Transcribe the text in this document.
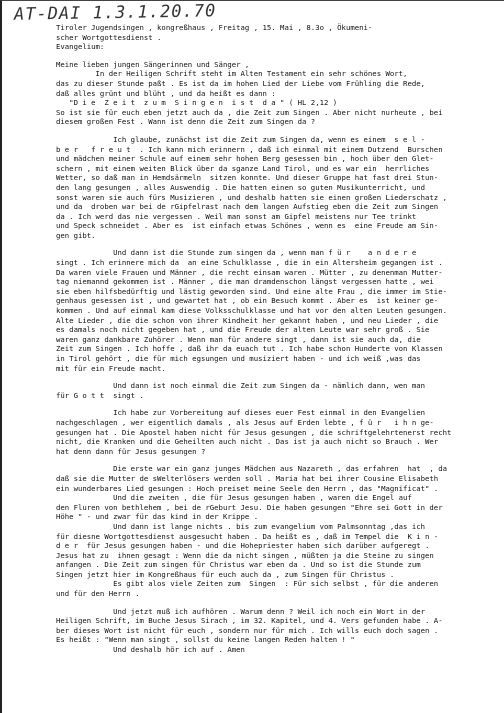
AT-DAI 1.3.1.20.70
Tiroler Jugendsingen , kongreßhaus , Freitag , 15. Mai , 8.3o , Ökumeni-
scher Wortgottesdienst .
Evangelium:
Meine lieben jungen Sängerinnen und Sänger ,
In der Heiligen Schrift steht im Alten Testament ein sehr schönes Wort,
das zu dieser Stunde paßt . Es ist da im hohen Lied der Liebe vom Frühling die Rede,
daß alles grünt und blüht , und da heißt es dann :
"D i e  Z e i t  z u m  S i n g e n  i s t  d a " ( HL 2,12 )
So ist sie für euch eben jetzt auch da , die Zeit zum Singen . Aber nicht nurheute , bei
diesem großen Fest . Wann ist denn die Zeit zum Singen da ?
Ich glaube, zunächst ist die Zeit zum Singen da, wenn es einem  s e l -
b e r   f r e u t  . Ich kann mich erinnern , daß ich einmal mit einem Dutzend  Burschen
und mädchen meiner Schule auf einem sehr hohen Berg gesessen bin , hoch über den Glet-
schern , mit einem weiten Blick über da sganze Land Tirol, und es war ein  herrliches
Wetter, so daß man in Hemdsärmeln  sitzen konnte. Und dieser Gruppe hat fast drei Stun-
den lang gesungen , alles Auswendig . Die hatten einen so guten Musikunterricht, und
sonst waren sie auch fürs Musizieren , und deshalb hatten sie einen großen Liederschatz ,
und da  droben war bei de rGipfelrast nach dem langen Aufstieg eben die Zeit zum Singen
da . Ich werd das nie vergessen . Weil man sonst am Gipfel meistens nur Tee trinkt
und Speck schneidet . Aber es  ist einfach etwas Schönes , wenn es  eine Freude am Sin-
gen gibt.
Und dann ist die Stunde zum singen da , wenn man f ü r    a n d e r e
singt . Ich erinnere mich da  an eine Schulklasse , die in ein Altersheim gegangen ist .
Da waren viele Frauen und Männer , die recht einsam waren . Mütter , zu denenman Mutter-
tag niemannd gekommen ist . Männer , die man dramdenschon längst vergessen hatte , wei
sie eben hilfsbedürftig und lästig geworden sind. Und eine alte Frau , die immer im Stie-
genhaus gesessen ist , und gewartet hat , ob ein Besuch kommt . Aber es  ist keiner ge-
kommen . Und auf einmal kam diese Volksschulklasse und hat vor den alten Leuten gesungen.
Alte Lieder , die die schon von ihrer Kindheit her gekannt haben , und neu Lieder , die
es damals noch nicht gegeben hat , und die Freude der alten Leute war sehr groß . Sie
waren ganz dankbare Zuhörer . Wenn man für andere singt , dann ist sie auch da, die
Zeit zum Singen . Ich hoffe , daß ihr da euach tut . Ich habe schon Hunderte von Klassen
in Tirol gehört , die für mich egsungen und musiziert haben - und ich weiß ,was das
mit für ein Freude macht.
Und dann ist noch einmal die Zeit zum Singen da - nämlich dann, wen man
für G o t t  singt .
Ich habe zur Vorbereitung auf dieses euer Fest einmal in den Evangelien
nachgeschlagen , wer eigentlich damals , als Jesus auf Erden lebte , f ü r   i h n ge-
gesungen hat . Die Apostel haben nicht für Jesus gesungen , die schriftgelehrtenerst recht
nicht, die Kranken und die Geheilten auch nicht . Das ist ja auch nicht so Brauch . Wer
hat denn dann für Jesus gesungen ?
Die erste war ein ganz junges Mädchen aus Nazareth , das erfahren  hat  , da
daß sie die Mutter de sWelterlösers werden soll . Maria hat bei ihrer Cousine Elisabeth
ein wunderbares Lied gesungen : Hoch preiset meine Seele den Herrn , das "Magnificat" .
Und die zweiten , die für Jesus gesungen haben , waren die Engel auf
den Fluren von bethlehem , bei de rGeburt Jesu. Die haben gesungen "Ehre sei Gott in der
Höhe " - und zwar für das kind in der Krippe .
Und dann ist lange nichts . bis zum evangelium vom Palmsonntag ,das ich
für diesne Wortgottesdienst ausgesucht haben . Da heißt es , daß im Tempel die  K i n -
d e r  für Jesus gesungen haben - und die Hohepriester haben sich darüber aufgeregt .
Jesus hat zu  ihnen gesagt : Wenn die da nicht singen , müßten ja die Steine zu singen
anfangen . Die Zeit zum singen für Christus war eben da . Und so ist die Stunde zum
Singen jetzt hier im Kongreßhaus für euch auch da , zum Singen für Christus .
Es gibt alos viele Zeiten zum  Singen  : Für sich selbst , für die anderen
und für den Herrn .
Und jetzt muß ich aufhören . Warum denn ? Weil ich noch ein Wort in der
Heiligen Schrift, im Buche Jesus Sirach , im 32. Kapitel, und 4. Vers gefunden habe . A-
ber dieses Wort ist nicht für euch , sondern nur für mich . Ich wills euch doch sagen .
Es heißt : "Wenn man singt , sollst du keine langen Reden halten ! "
Und deshalb hör ich auf . Amen
